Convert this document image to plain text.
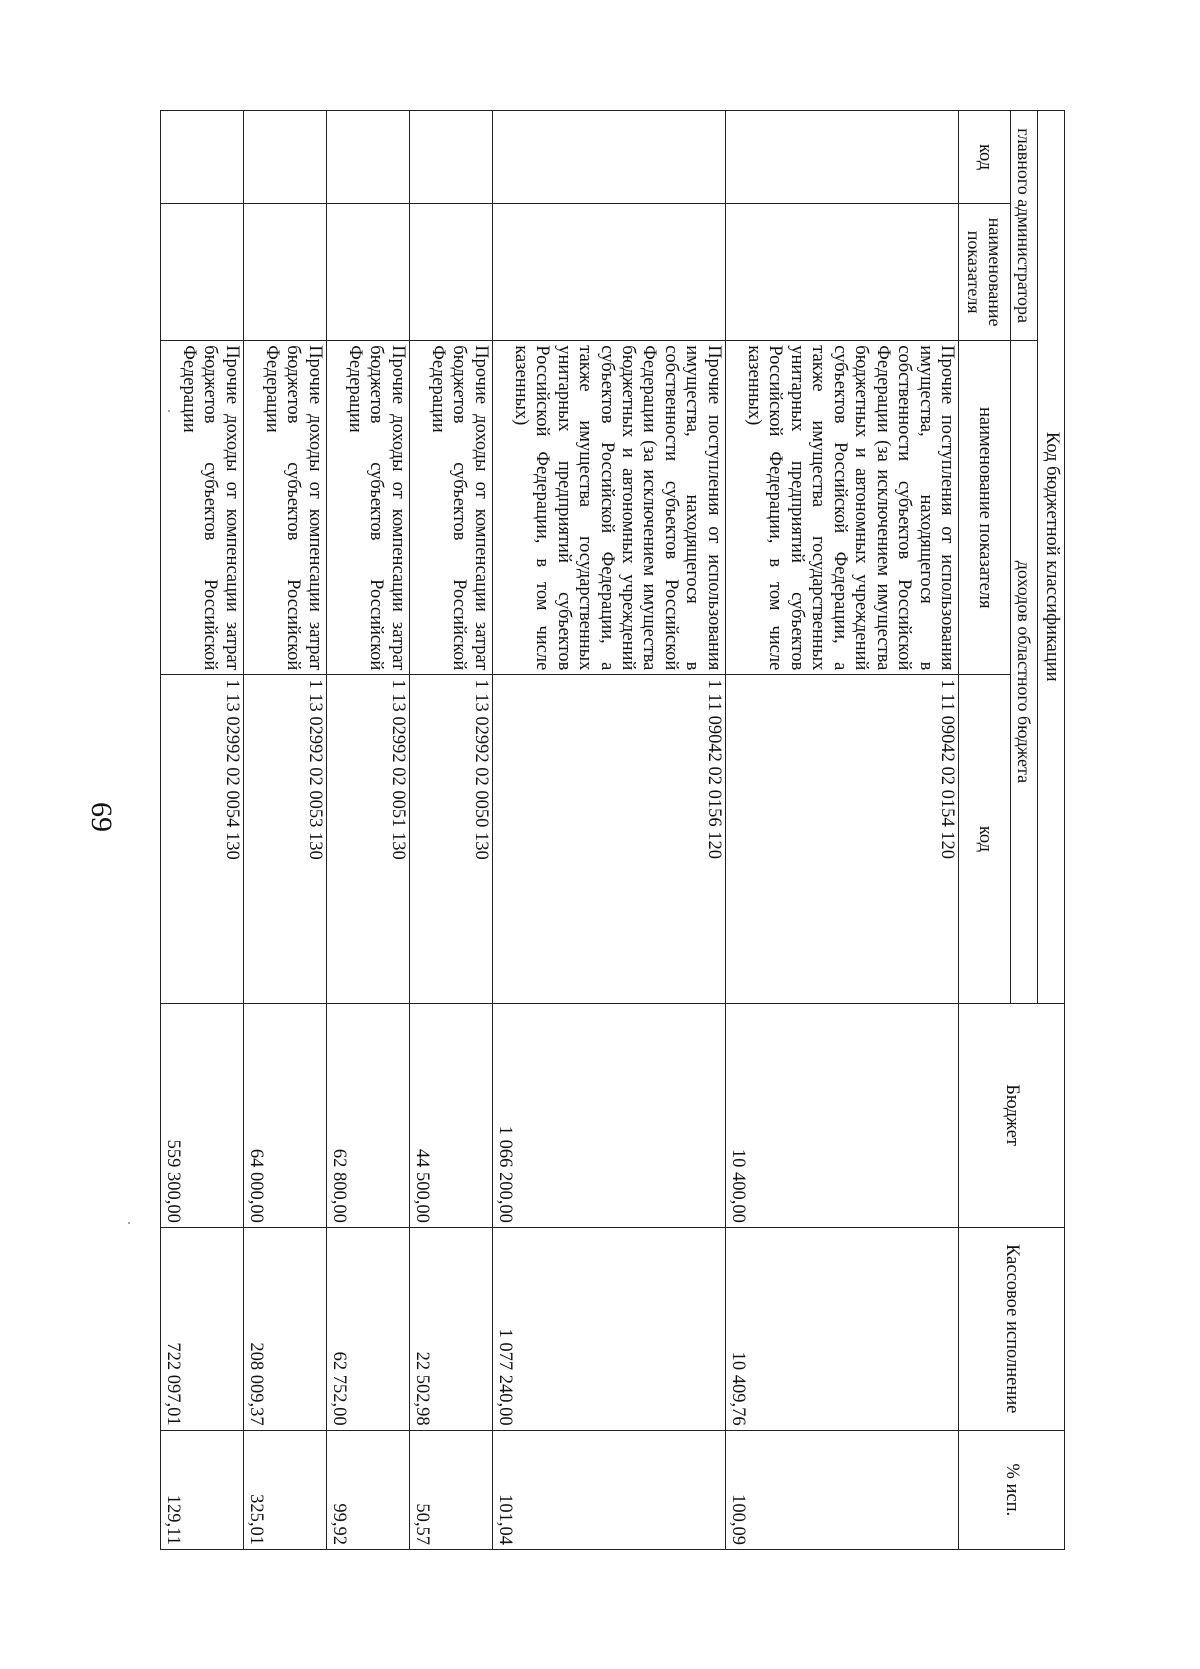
69
Код бюджетной классификации				Бюджет	Кассовое исполнение	% исп.
главного администратора		доходов областного бюджета				
код	наименование показателя	наименование показателя	код			
		Прочие поступления от использования имущества, находящегося в собственности субъектов Российской Федерации (за исключением имущества бюджетных и автономных учреждений субъектов Российской Федерации, а также имущества государственных унитарных предприятий субъектов Российской Федерации, в том числе казенных)	1 11 09042 02 0154 120	10 400,00	10 409,76	100,09
		Прочие поступления от использования имущества, находящегося в собственности субъектов Российской Федерации (за исключением имущества бюджетных и автономных учреждений субъектов Российской Федерации, а также имущества государственных унитарных предприятий субъектов Российской Федерации, в том числе казенных)	1 11 09042 02 0156 120	1 066 200,00	1 077 240,00	101,04
		Прочие доходы от компенсации затрат бюджетов субъектов Российской Федерации	1 13 02992 02 0050 130	44 500,00	22 502,98	50,57
		Прочие доходы от компенсации затрат бюджетов субъектов Российской Федерации	1 13 02992 02 0051 130	62 800,00	62 752,00	99,92
		Прочие доходы от компенсации затрат бюджетов субъектов Российской Федерации	1 13 02992 02 0053 130	64 000,00	208 009,37	325,01
		Прочие доходы от компенсации затрат бюджетов субъектов Российской Федерации	1 13 02992 02 0054 130	559 300,00	722 097,01	129,11
